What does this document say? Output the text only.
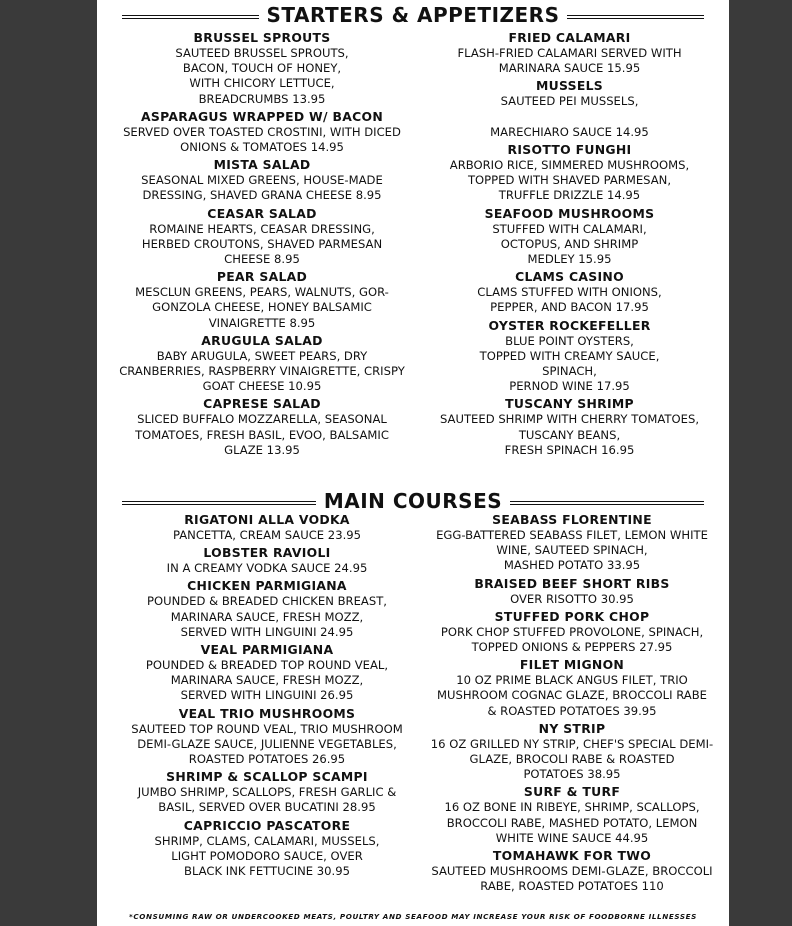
STARTERS & APPETIZERS
BRUSSEL SPROUTS
SAUTEED BRUSSEL SPROUTS,
BACON, TOUCH OF HONEY,
WITH CHICORY LETTUCE,
BREADCRUMBS 13.95
ASPARAGUS WRAPPED W/ BACON
SERVED OVER TOASTED CROSTINI, WITH DICED
ONIONS & TOMATOES 14.95
MISTA SALAD
SEASONAL MIXED GREENS, HOUSE-MADE
DRESSING, SHAVED GRANA CHEESE 8.95
CEASAR SALAD
ROMAINE HEARTS, CEASAR DRESSING,
HERBED CROUTONS, SHAVED PARMESAN
CHEESE 8.95
PEAR SALAD
MESCLUN GREENS, PEARS, WALNUTS, GOR-
GONZOLA CHEESE, HONEY BALSAMIC
VINAIGRETTE 8.95
ARUGULA SALAD
BABY ARUGULA, SWEET PEARS, DRY
CRANBERRIES, RASPBERRY VINAIGRETTE, CRISPY
GOAT CHEESE 10.95
CAPRESE SALAD
SLICED BUFFALO MOZZARELLA, SEASONAL
TOMATOES, FRESH BASIL, EVOO, BALSAMIC
GLAZE 13.95
FRIED CALAMARI
FLASH-FRIED CALAMARI SERVED WITH
MARINARA SAUCE 15.95
MUSSELS
SAUTEED PEI MUSSELS,

MARECHIARO SAUCE 14.95
RISOTTO FUNGHI
ARBORIO RICE, SIMMERED MUSHROOMS,
TOPPED WITH SHAVED PARMESAN,
TRUFFLE DRIZZLE 14.95
SEAFOOD MUSHROOMS
STUFFED WITH CALAMARI,
OCTOPUS, AND SHRIMP
MEDLEY 15.95
CLAMS CASINO
CLAMS STUFFED WITH ONIONS,
PEPPER, AND BACON 17.95
OYSTER ROCKEFELLER
BLUE POINT OYSTERS,
TOPPED WITH CREAMY SAUCE,
SPINACH,
PERNOD WINE 17.95
TUSCANY SHRIMP
SAUTEED SHRIMP WITH CHERRY TOMATOES,
TUSCANY BEANS,
FRESH SPINACH 16.95
MAIN COURSES
RIGATONI ALLA VODKA
PANCETTA, CREAM SAUCE 23.95
LOBSTER RAVIOLI
IN A CREAMY VODKA SAUCE 24.95
CHICKEN PARMIGIANA
POUNDED & BREADED CHICKEN BREAST,
MARINARA SAUCE, FRESH MOZZ,
SERVED WITH LINGUINI 24.95
VEAL PARMIGIANA
POUNDED & BREADED TOP ROUND VEAL,
MARINARA SAUCE, FRESH MOZZ,
SERVED WITH LINGUINI 26.95
VEAL TRIO MUSHROOMS
SAUTEED TOP ROUND VEAL, TRIO MUSHROOM
DEMI-GLAZE SAUCE, JULIENNE VEGETABLES,
ROASTED POTATOES 26.95
SHRIMP & SCALLOP SCAMPI
JUMBO SHRIMP, SCALLOPS, FRESH GARLIC &
BASIL, SERVED OVER BUCATINI 28.95
CAPRICCIO PASCATORE
SHRIMP, CLAMS, CALAMARI, MUSSELS,
LIGHT POMODORO SAUCE, OVER
BLACK INK FETTUCINE 30.95
SEABASS FLORENTINE
EGG-BATTERED SEABASS FILET, LEMON WHITE
WINE, SAUTEED SPINACH,
MASHED POTATO 33.95
BRAISED BEEF SHORT RIBS
OVER RISOTTO 30.95
STUFFED PORK CHOP
PORK CHOP STUFFED PROVOLONE, SPINACH,
TOPPED ONIONS & PEPPERS 27.95
FILET MIGNON
10 OZ PRIME BLACK ANGUS FILET, TRIO
MUSHROOM COGNAC GLAZE, BROCCOLI RABE
& ROASTED POTATOES 39.95
NY STRIP
16 OZ GRILLED NY STRIP, CHEF'S SPECIAL DEMI-
GLAZE, BROCOLI RABE & ROASTED
POTATOES 38.95
SURF & TURF
16 OZ BONE IN RIBEYE, SHRIMP, SCALLOPS,
BROCCOLI RABE, MASHED POTATO, LEMON
WHITE WINE SAUCE 44.95
TOMAHAWK FOR TWO
SAUTEED MUSHROOMS DEMI-GLAZE, BROCCOLI
RABE, ROASTED POTATOES 110
*CONSUMING RAW OR UNDERCOOKED MEATS, POULTRY AND SEAFOOD MAY INCREASE YOUR RISK OF FOODBORNE ILLNESSES
